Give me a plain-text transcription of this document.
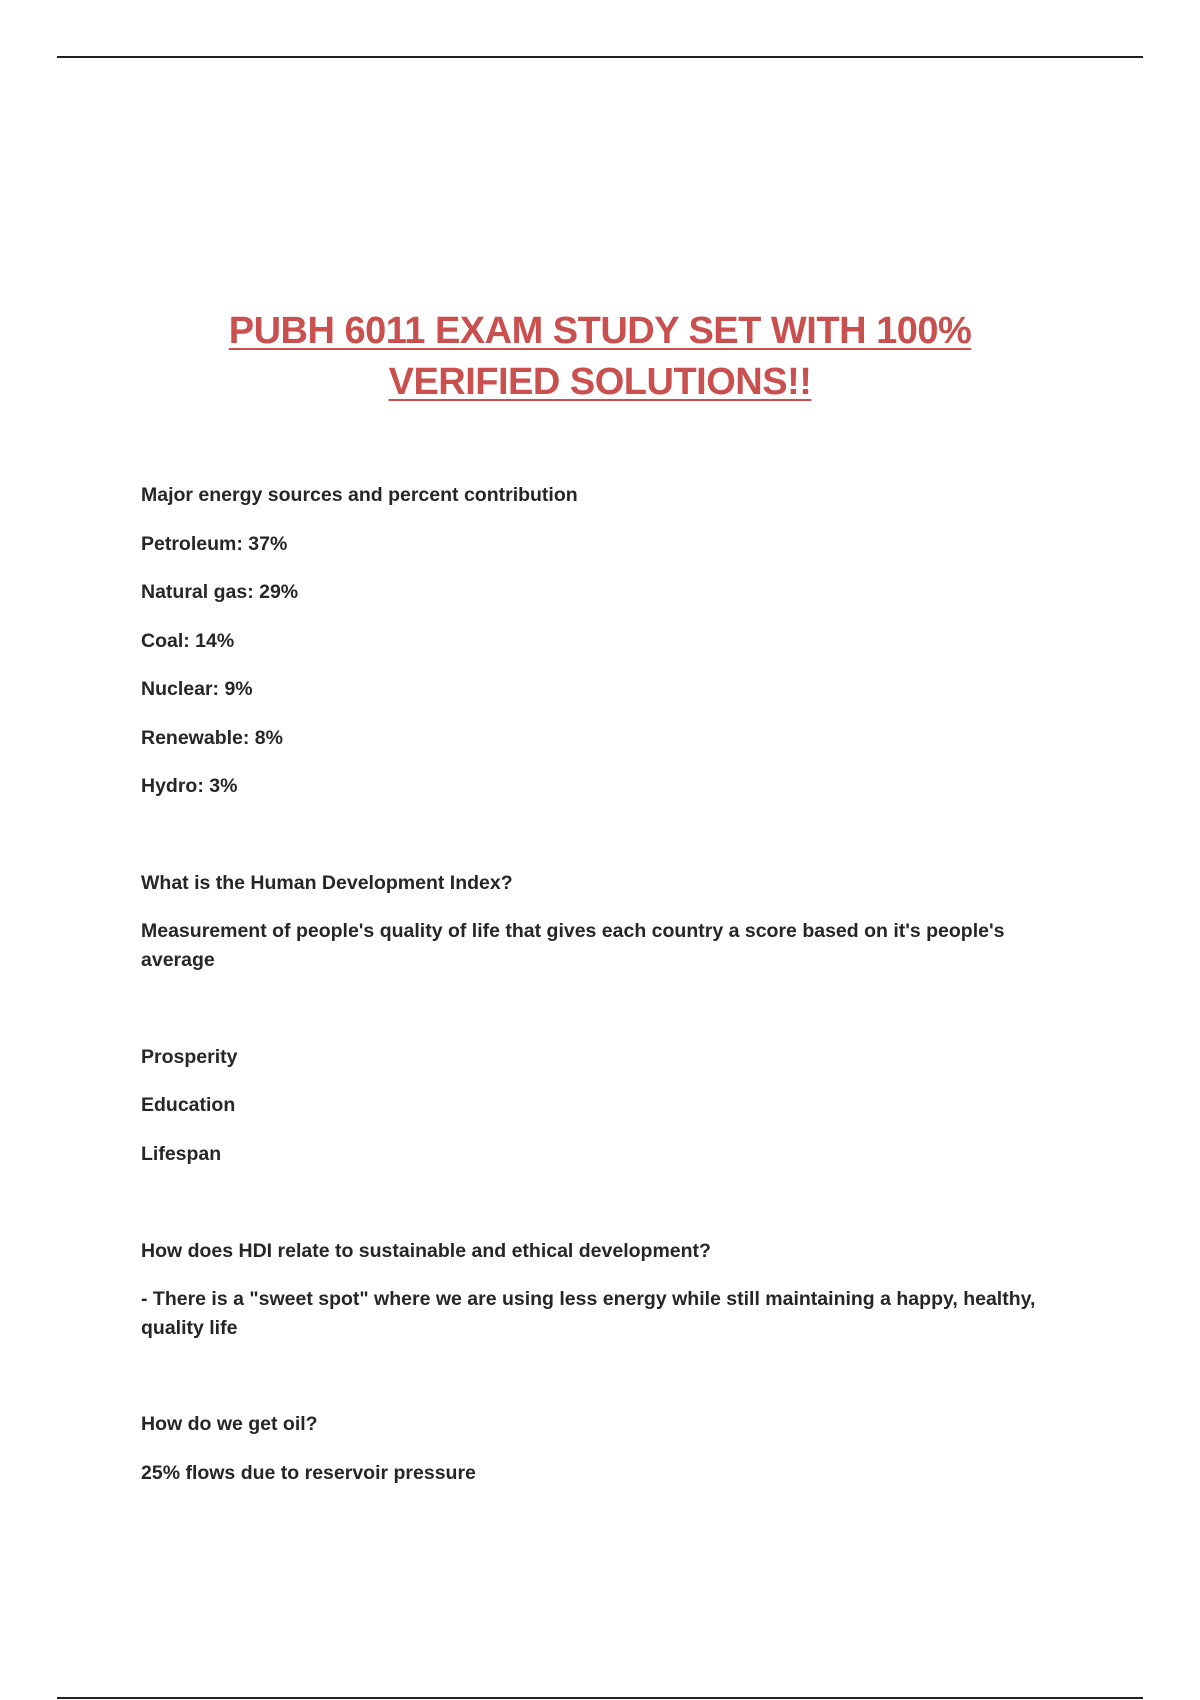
PUBH 6011 EXAM STUDY SET WITH 100%
VERIFIED SOLUTIONS!!
Major energy sources and percent contribution
Petroleum: 37%
Natural gas: 29%
Coal: 14%
Nuclear: 9%
Renewable: 8%
Hydro: 3%
What is the Human Development Index?
Measurement of people's quality of life that gives each country a score based on it's people's average
Prosperity
Education
Lifespan
How does HDI relate to sustainable and ethical development?
- There is a "sweet spot" where we are using less energy while still maintaining a happy, healthy, quality life
How do we get oil?
25% flows due to reservoir pressure
